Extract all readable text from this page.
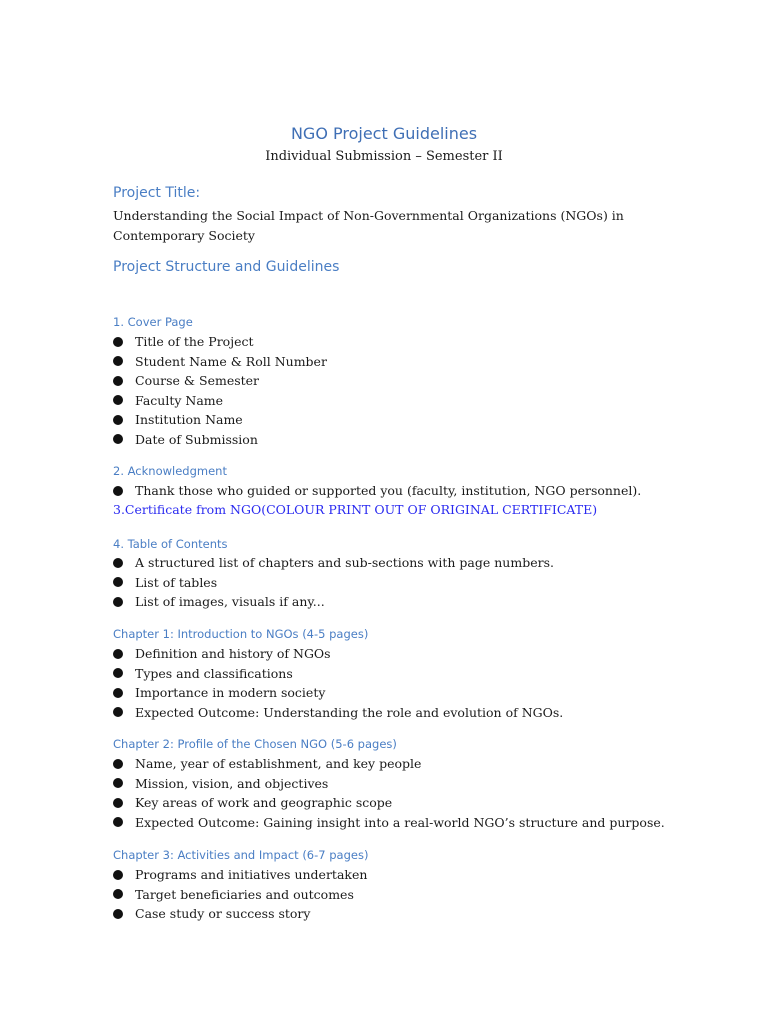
NGO Project Guidelines
Individual Submission – Semester II
Project Title:
Understanding the Social Impact of Non-Governmental Organizations (NGOs) in Contemporary Society
Project Structure and Guidelines
1. Cover Page
Title of the Project
Student Name & Roll Number
Course & Semester
Faculty Name
Institution Name
Date of Submission
2. Acknowledgment
Thank those who guided or supported you (faculty, institution, NGO personnel).
3.Certificate from NGO(COLOUR PRINT OUT OF ORIGINAL CERTIFICATE)
4. Table of Contents
A structured list of chapters and sub-sections with page numbers.
List of tables
List of images, visuals if any...
Chapter 1: Introduction to NGOs (4-5 pages)
Definition and history of NGOs
Types and classifications
Importance in modern society
Expected Outcome: Understanding the role and evolution of NGOs.
Chapter 2: Profile of the Chosen NGO (5-6 pages)
Name, year of establishment, and key people
Mission, vision, and objectives
Key areas of work and geographic scope
Expected Outcome: Gaining insight into a real-world NGO’s structure and purpose.
Chapter 3: Activities and Impact (6-7 pages)
Programs and initiatives undertaken
Target beneficiaries and outcomes
Case study or success story
